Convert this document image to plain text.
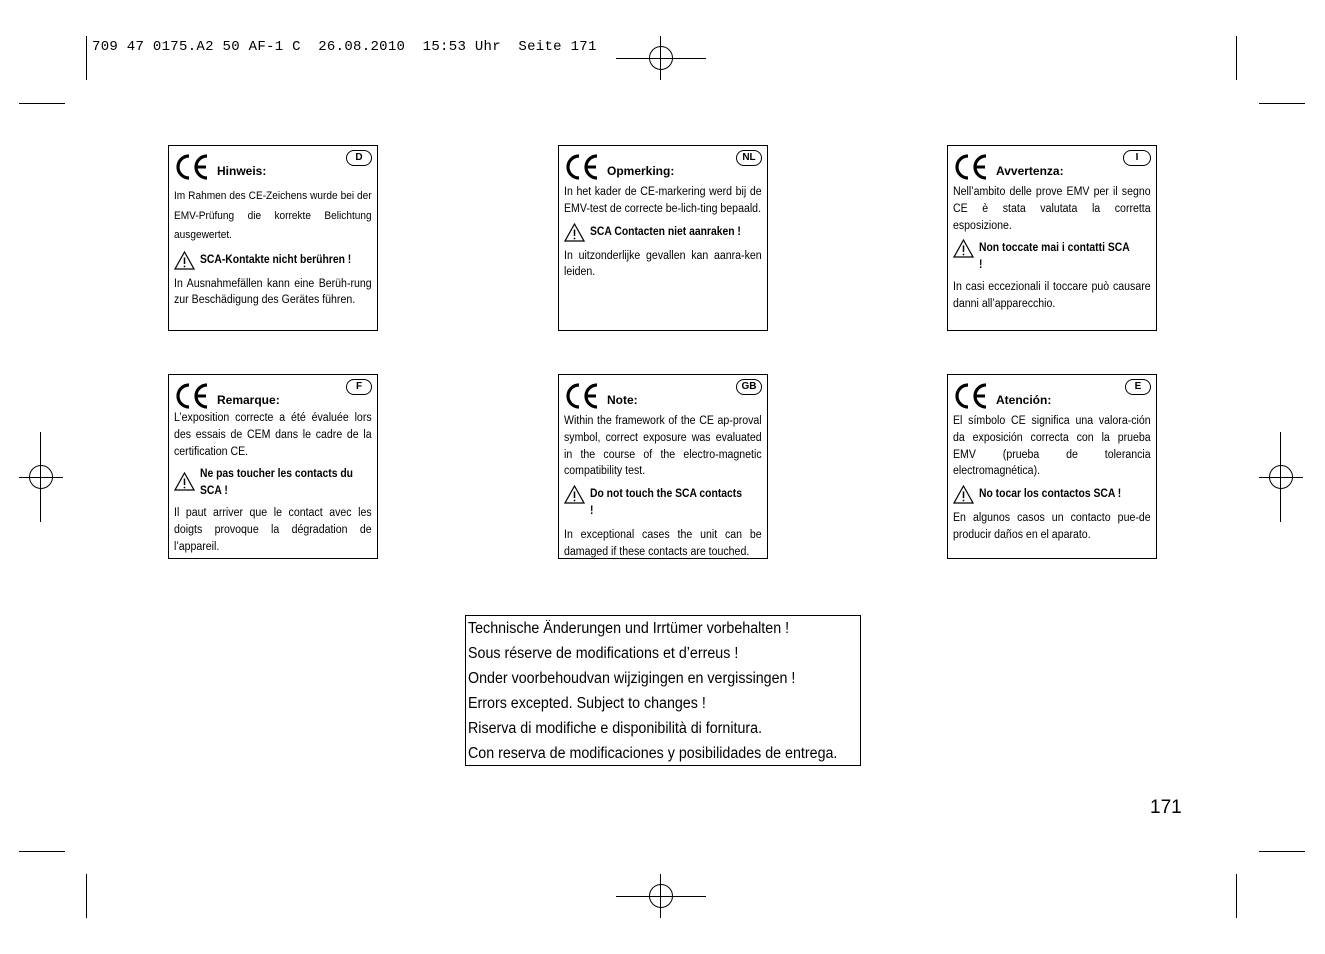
709 47 0175.A2 50 AF-1 C  26.08.2010  15:53 Uhr  Seite 171
Hinweis:
D

Im Rahmen des CE-Zeichens wurde bei der EMV-Prüfung die korrekte Belichtung ausgewertet.

SCA-Kontakte nicht berühren !

In Ausnahmefällen kann eine Berüh-rung zur Beschädigung des Gerätes führen.

Opmerking:
NL

In het kader de CE-markering werd bij de EMV-test de correcte be-lich-ting bepaald.

SCA Contacten niet aanraken !

In uitzonderlijke gevallen kan aanra-ken leiden.

Avvertenza:
I

Nell’ambito delle prove EMV per il segno CE è stata valutata la corretta esposizione.

Non toccate mai i contatti SCA !

In casi eccezionali il toccare può causare danni all’apparecchio.

Remarque:
F

L’exposition correcte a été évaluée lors des essais de CEM dans le cadre de la certification CE.

Ne pas toucher les contacts du SCA !

Il paut arriver que le contact avec les doigts provoque la dégradation de l’appareil.

Note:
GB

Within the framework of the CE ap-proval symbol, correct exposure was evaluated in the course of the electro-magnetic compatibility test.

Do not touch the SCA contacts !

In exceptional cases the unit can be damaged if these contacts are touched.

Atención:
E

El símbolo CE significa una valora-ción da exposición correcta con la prueba EMV (prueba de tolerancia electromagnética).

No tocar los contactos SCA !

En algunos casos un contacto pue-de producir daños en el aparato.

Technische Änderungen und Irrtümer vorbehalten !
Sous réserve de modifications et d’erreus !
Onder voorbehoudvan wijzigingen en vergissingen !
Errors excepted. Subject to changes !
Riserva di modifiche e disponibilità di fornitura.
Con reserva de modificaciones y posibilidades de entrega.
171
